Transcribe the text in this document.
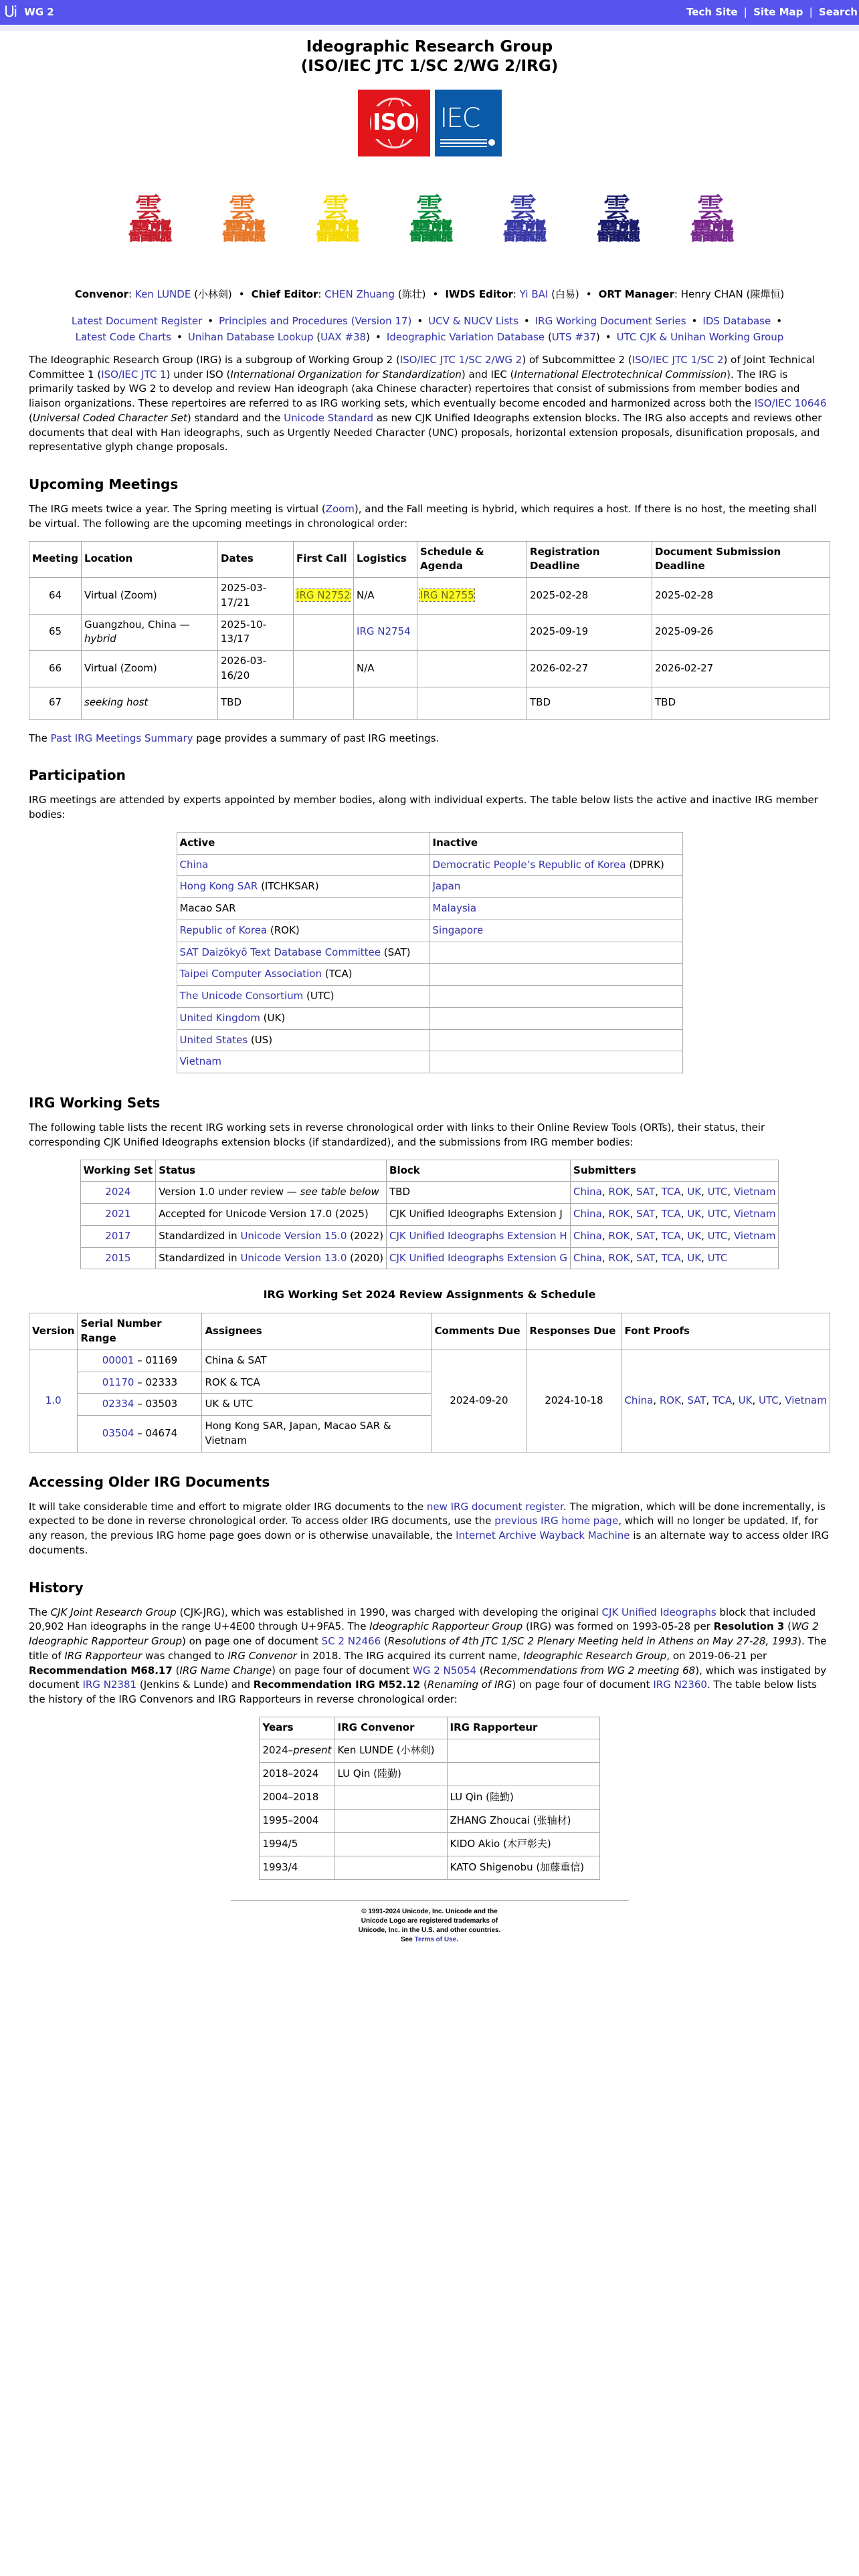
Ui WG 2	Tech Site | Site Map | Search
Ideographic Research Group
(ISO/IEC JTC 1/SC 2/WG 2/IRG)
ISO IEC
雲
靐龘
雲
靐龘
雲
靐龘
雲
靐龘
雲
靐龘
雲
靐龘
雲
靐龘
Convenor: Ken LUNDE (小林剣) • Chief Editor: CHEN Zhuang (陈壮) • IWDS Editor: Yi BAI (白易) • ORT Manager: Henry CHAN (陳燀恒)
Latest Document Register • Principles and Procedures (Version 17) • UCV & NUCV Lists • IRG Working Document Series • IDS Database •
Latest Code Charts • Unihan Database Lookup (UAX #38) • Ideographic Variation Database (UTS #37) • UTC CJK & Unihan Working Group

The Ideographic Research Group (IRG) is a subgroup of Working Group 2 (ISO/IEC JTC 1/SC 2/WG 2) of Subcommittee 2 (ISO/IEC JTC 1/SC 2) of Joint Technical Committee 1 (ISO/IEC JTC 1) under ISO (International Organization for Standardization) and IEC (International Electrotechnical Commission). The IRG is primarily tasked by WG 2 to develop and review Han ideograph (aka Chinese character) repertoires that consist of submissions from member bodies and liaison organizations. These repertoires are referred to as IRG working sets, which eventually become encoded and harmonized across both the ISO/IEC 10646 (Universal Coded Character Set) standard and the Unicode Standard as new CJK Unified Ideographs extension blocks. The IRG also accepts and reviews other documents that deal with Han ideographs, such as Urgently Needed Character (UNC) proposals, horizontal extension proposals, disunification proposals, and representative glyph change proposals.

Upcoming Meetings

The IRG meets twice a year. The Spring meeting is virtual (Zoom), and the Fall meeting is hybrid, which requires a host. If there is no host, the meeting shall be virtual. The following are the upcoming meetings in chronological order:

Meeting	Location	Dates	First Call	Logistics	Schedule & Agenda	Registration Deadline	Document Submission Deadline
64	Virtual (Zoom)	2025-03-17/21	IRG N2752	N/A	IRG N2755	2025-02-28	2025-02-28
65	Guangzhou, China —
hybrid	2025-10-13/17		IRG N2754		2025-09-19	2025-09-26
66	Virtual (Zoom)	2026-03-16/20		N/A		2026-02-27	2026-02-27
67	seeking host	TBD				TBD	TBD

The Past IRG Meetings Summary page provides a summary of past IRG meetings.

Participation

IRG meetings are attended by experts appointed by member bodies, along with individual experts. The table below lists the active and inactive IRG member bodies:

Active	Inactive
China	Democratic People’s Republic of Korea (DPRK)
Hong Kong SAR (ITCHKSAR)	Japan
Macao SAR	Malaysia
Republic of Korea (ROK)	Singapore
SAT Daizōkyō Text Database Committee (SAT)	
Taipei Computer Association (TCA)	
The Unicode Consortium (UTC)	
United Kingdom (UK)	
United States (US)	
Vietnam	
IRG Working Sets

The following table lists the recent IRG working sets in reverse chronological order with links to their Online Review Tools (ORTs), their status, their corresponding CJK Unified Ideographs extension blocks (if standardized), and the submissions from IRG member bodies:

Working Set	Status	Block	Submitters
2024	Version 1.0 under review — see table below	TBD	China, ROK, SAT, TCA, UK, UTC, Vietnam
2021	Accepted for Unicode Version 17.0 (2025)	CJK Unified Ideographs Extension J	China, ROK, SAT, TCA, UK, UTC, Vietnam
2017	Standardized in Unicode Version 15.0 (2022)	CJK Unified Ideographs Extension H	China, ROK, SAT, TCA, UK, UTC, Vietnam
2015	Standardized in Unicode Version 13.0 (2020)	CJK Unified Ideographs Extension G	China, ROK, SAT, TCA, UK, UTC
IRG Working Set 2024 Review Assignments & Schedule
Version	Serial Number Range	Assignees	Comments Due	Responses Due	Font Proofs
1.0	00001 – 01169	China & SAT	2024-09-20	2024-10-18	China, ROK, SAT, TCA, UK, UTC, Vietnam
	01170 – 02333	ROK & TCA			
	02334 – 03503	UK & UTC			
	03504 – 04674	Hong Kong SAR, Japan, Macao SAR & Vietnam			
Accessing Older IRG Documents

It will take considerable time and effort to migrate older IRG documents to the new IRG document register. The migration, which will be done incrementally, is expected to be done in reverse chronological order. To access older IRG documents, use the previous IRG home page, which will no longer be updated. If, for any reason, the previous IRG home page goes down or is otherwise unavailable, the Internet Archive Wayback Machine is an alternate way to access older IRG documents.

History

The CJK Joint Research Group (CJK-JRG), which was established in 1990, was charged with developing the original CJK Unified Ideographs block that included 20,902 Han ideographs in the range U+4E00 through U+9FA5. The Ideographic Rapporteur Group (IRG) was formed on 1993-05-28 per Resolution 3 (WG 2 Ideographic Rapporteur Group) on page one of document SC 2 N2466 (Resolutions of 4th JTC 1/SC 2 Plenary Meeting held in Athens on May 27-28, 1993). The title of IRG Rapporteur was changed to IRG Convenor in 2018. The IRG acquired its current name, Ideographic Research Group, on 2019-06-21 per Recommendation M68.17 (IRG Name Change) on page four of document WG 2 N5054 (Recommendations from WG 2 meeting 68), which was instigated by document IRG N2381 (Jenkins & Lunde) and Recommendation IRG M52.12 (Renaming of IRG) on page four of document IRG N2360. The table below lists the history of the IRG Convenors and IRG Rapporteurs in reverse chronological order:

Years	IRG Convenor	IRG Rapporteur
2024–present	Ken LUNDE (小林剣)	
2018–2024	LU Qin (陸勤)	
2004–2018		LU Qin (陸勤)
1995–2004		ZHANG Zhoucai (张轴材)
1994/5		KIDO Akio (木戸彰夫)
1993/4		KATO Shigenobu (加藤重信)
© 1991-2024 Unicode, Inc. Unicode and the Unicode Logo are registered trademarks of Unicode, Inc. in the U.S. and other countries.
See Terms of Use.
